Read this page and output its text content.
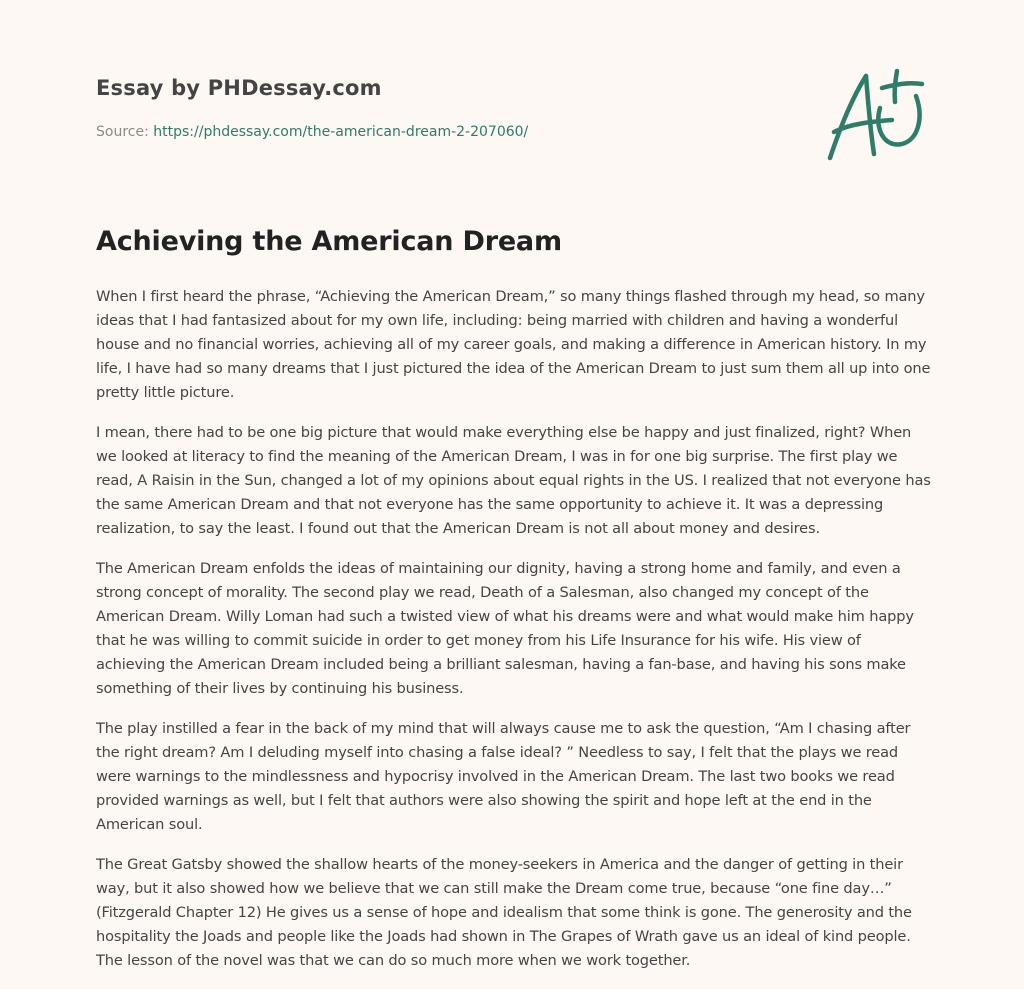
Essay by PHDessay.com
Source: https://phdessay.com/the-american-dream-2-207060/
Achieving the American Dream

When I first heard the phrase, “Achieving the American Dream,” so many things flashed through my head, so many ideas that I had fantasized about for my own life, including: being married with children and having a wonderful house and no financial worries, achieving all of my career goals, and making a difference in American history. In my life, I have had so many dreams that I just pictured the idea of the American Dream to just sum them all up into one pretty little picture.

I mean, there had to be one big picture that would make everything else be happy and just finalized, right? When we looked at literacy to find the meaning of the American Dream, I was in for one big surprise. The first play we read, A Raisin in the Sun, changed a lot of my opinions about equal rights in the US. I realized that not everyone has the same American Dream and that not everyone has the same opportunity to achieve it. It was a depressing realization, to say the least. I found out that the American Dream is not all about money and desires.

The American Dream enfolds the ideas of maintaining our dignity, having a strong home and family, and even a strong concept of morality. The second play we read, Death of a Salesman, also changed my concept of the American Dream. Willy Loman had such a twisted view of what his dreams were and what would make him happy that he was willing to commit suicide in order to get money from his Life Insurance for his wife. His view of achieving the American Dream included being a brilliant salesman, having a fan-base, and having his sons make something of their lives by continuing his business.

The play instilled a fear in the back of my mind that will always cause me to ask the question, “Am I chasing after the right dream? Am I deluding myself into chasing a false ideal? ” Needless to say, I felt that the plays we read were warnings to the mindlessness and hypocrisy involved in the American Dream. The last two books we read provided warnings as well, but I felt that authors were also showing the spirit and hope left at the end in the American soul.

The Great Gatsby showed the shallow hearts of the money-seekers in America and the danger of getting in their way, but it also showed how we believe that we can still make the Dream come true, because “one fine day…” (Fitzgerald Chapter 12) He gives us a sense of hope and idealism that some think is gone. The generosity and the hospitality the Joads and people like the Joads had shown in The Grapes of Wrath gave us an ideal of kind people. The lesson of the novel was that we can do so much more when we work together.
